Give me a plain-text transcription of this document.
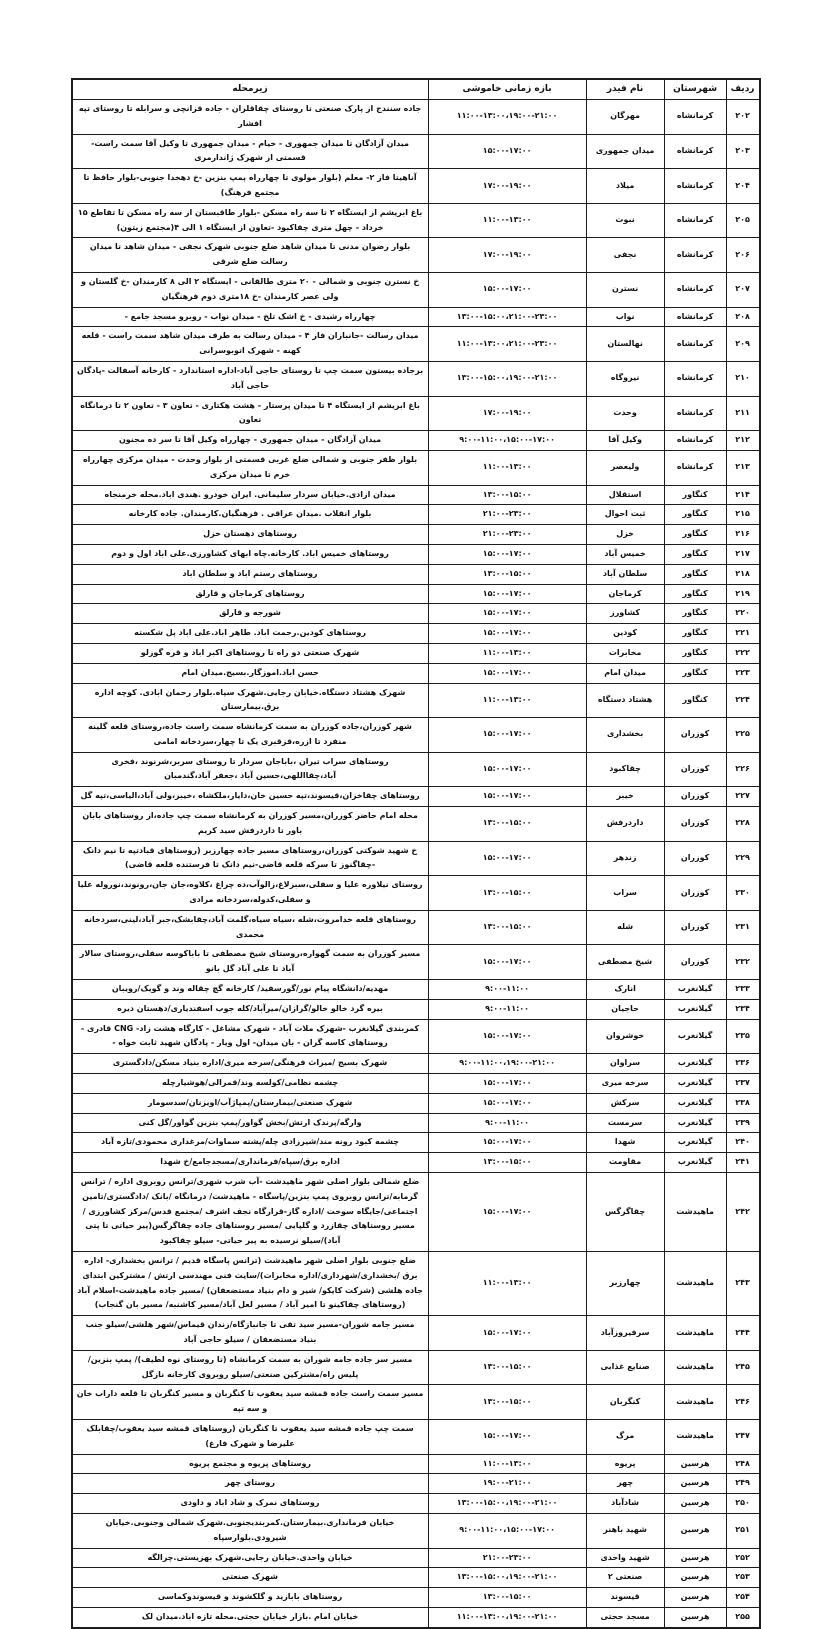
ردیف	شهرستان	نام فیدر	بازه زمانی خاموشی	زیرمحله
۲۰۲	کرمانشاه	مهرگان	۱۱:۰۰-۱۳:۰۰،۱۹:۰۰-۲۱:۰۰	جاده سنندج از پارک صنعتی تا روستای چقاقلران - جاده قزانچی و سرابله تا روستای تپه افشار
۲۰۳	کرمانشاه	میدان جمهوری	۱۵:۰۰-۱۷:۰۰	میدان آزادگان تا میدان جمهوری - خیام - میدان جمهوری تا وکیل آقا سمت راست-قسمتی از شهرک ژاندارمری
۲۰۴	کرمانشاه	میلاد	۱۷:۰۰-۱۹:۰۰	آناهیتا فاز ۲- معلم (بلوار مولوی تا چهارراه پمپ بنزین -خ دهخدا جنوبی-بلوار حافظ تا مجتمع فرهنگ)
۲۰۵	کرمانشاه	نبوت	۱۱:۰۰-۱۳:۰۰	باغ ابریشم از ایستگاه ۲ تا سه راه مسکن -بلوار طاقبستان از سه راه مسکن تا تقاطع ۱۵ خرداد - چهل متری چقاکبود -تعاون از ایستگاه ۱ الی ۴(مجتمع زیتون)
۲۰۶	کرمانشاه	نجفی	۱۷:۰۰-۱۹:۰۰	بلوار رضوان مدنی تا میدان شاهد ضلع جنوبی شهرک نجفی - میدان شاهد تا میدان رسالت ضلع شرقی
۲۰۷	کرمانشاه	نسترن	۱۵:۰۰-۱۷:۰۰	خ نسترن جنوبی و شمالی - ۲۰ متری طالقانی - ایستگاه ۲ الی ۸ کارمندان -خ گلستان و ولی عصر کارمندان -خ ۱۸متری دوم فرهنگیان
۲۰۸	کرمانشاه	نواب	۱۳:۰۰-۱۵:۰۰،۲۱:۰۰-۲۳:۰۰	چهارراه رشیدی - خ اشک تلخ - میدان نواب - روبرو مسجد جامع -
۲۰۹	کرمانشاه	نهالستان	۱۱:۰۰-۱۳:۰۰،۲۱:۰۰-۲۳:۰۰	میدان رسالت -جانبازان فاز ۴ - میدان رسالت به طرف میدان شاهد سمت راست - قلعه کهنه - شهرک اتوبوسرانی
۲۱۰	کرمانشاه	نیروگاه	۱۳:۰۰-۱۵:۰۰،۱۹:۰۰-۲۱:۰۰	برجاده بیستون سمت چپ تا روستای حاجی آباد-اداره استاندارد - کارخانه آسفالت -پادگان حاجی آباد
۲۱۱	کرمانشاه	وحدت	۱۷:۰۰-۱۹:۰۰	باغ ابریشم از ایستگاه ۴ تا میدان پرستار - هشت هکتاری - تعاون ۳ - تعاون ۲ تا درمانگاه تعاون
۲۱۲	کرمانشاه	وکیل آقا	۹:۰۰-۱۱:۰۰،۱۵:۰۰-۱۷:۰۰	میدان آزادگان - میدان جمهوری - چهارراه وکیل آقا تا سر ده مجنون
۲۱۳	کرمانشاه	ولیعصر	۱۱:۰۰-۱۳:۰۰	بلوار ظفر جنوبی و شمالی ضلع غربی قسمتی از بلوار وحدت - میدان مرکزی چهارراه خرم تا میدان مرکزی
۲۱۴	کنگاور	استقلال	۱۳:۰۰-۱۵:۰۰	میدان ازادی.خیابان سردار سلیمانی. ایران خودرو .هندی اباد.محله خرمنجاه
۲۱۵	کنگاور	ثبت احوال	۲۱:۰۰-۲۳:۰۰	بلوار انقلاب .میدان عراقی . فرهنگیان.کارمندان. جاده کارخانه
۲۱۶	کنگاور	خزل	۲۱:۰۰-۲۳:۰۰	روستاهای دهستان خزل
۲۱۷	کنگاور	خمیس آباد	۱۵:۰۰-۱۷:۰۰	روستاهای خمیس اباد. کارخانه.چاه ابهای کشاورزی.علی اباد اول و دوم
۲۱۸	کنگاور	سلطان آباد	۱۳:۰۰-۱۵:۰۰	روستاهای رستم اباد و سلطان اباد
۲۱۹	کنگاور	کرماجان	۱۵:۰۰-۱۷:۰۰	روستاهای کرماجان و قارلق
۲۲۰	کنگاور	کشاورز	۱۵:۰۰-۱۷:۰۰	شورجه و قارلق
۲۲۱	کنگاور	کودین	۱۵:۰۰-۱۷:۰۰	روستاهای کودین.رحمت اباد. طاهر اباد.علی اباد پل شکسته
۲۲۲	کنگاور	مخابرات	۱۱:۰۰-۱۳:۰۰	شهرک صنعتی دو راه تا روستاهای اکبر اباد و قره گوزلو
۲۲۳	کنگاور	میدان امام	۱۵:۰۰-۱۷:۰۰	حسن اباد.اموزگار.بسیج.میدان امام
۲۲۴	کنگاور	هشتاد دستگاه	۱۱:۰۰-۱۳:۰۰	شهرک هشتاد دستگاه.خیابان رجایی.شهرک سپاه.بلوار رحمان ابادی. کوچه اداره برق.بیمارستان
۲۲۵	کوزران	بخشداری	۱۵:۰۰-۱۷:۰۰	شهر کوزران،جاده کوزران به سمت کرمانشاه سمت راست جاده،روستای قلعه گلینه منفرد تا ازره،قزقبری یک تا چهار،سردخانه امامی
۲۲۶	کوزران	چقاکبود	۱۵:۰۰-۱۷:۰۰	روستاهای سراب تیران ،باباجان سردار تا روستای سربر،شرنوند ،فخری آباد،چقااللهی،حسین آباد ،جعفر آباد،گندمبان
۲۲۷	کوزران	خیبر	۱۵:۰۰-۱۷:۰۰	روستاهای چقاخزان،قیسوند،تپه حسین خان،دایار،ملکشاه ،خیبر،ولی آباد،الیاسی،تپه گل
۲۲۸	کوزران	داردرفش	۱۳:۰۰-۱۵:۰۰	محله امام حاضر کوزران،مسیر کوزران به کرمانشاه سمت چپ جاده،از روستاهای بابان باور تا داردرفش سید کریم
۲۲۹	کوزران	زندهر	۱۵:۰۰-۱۷:۰۰	خ شهید شوکتی کوزران،روستاهای مسیر جاده چهارزبر (روستاهای قبادتپه تا نیم دانک -چقاگنوز تا سرکه قلعه قاضی-نیم دانک تا فرستنده قلعه قاضی)
۲۳۰	کوزران	سراب	۱۳:۰۰-۱۵:۰۰	روستای نیلاوره علیا و سفلی،سبزلاغ،زالوآب،ده چراغ ،کلاوه،جان جان،رونوند،نوروله علیا و سفلی،کدوله،سردخانه مرادی
۲۳۱	کوزران	شله	۱۳:۰۰-۱۵:۰۰	روستاهای قلعه خدامروت،شله ،سیاه سیاه،گلمت آباد،چقابشک،جبر آباد،لینی،سردخانه محمدی
۲۳۲	کوزران	شیخ مصطفی	۱۵:۰۰-۱۷:۰۰	مسیر کوزران به سمت گهواره،روستای شیخ مصطفی تا باباکوسه سفلی،روستای سالار آباد تا علی آباد گل بانو
۲۳۳	گیلانغرب	انارک	۹:۰۰-۱۱:۰۰	مهدیه/دانشگاه پیام نور/گورسفید/ کارخانه گچ چقاله وند و گویک/رویبان
۲۳۴	گیلانغرب	حاجیان	۹:۰۰-۱۱:۰۰	بیره گرد خالو خالو/گرازان/میرآباد/کله جوب اسفندیاری/دهستان دیره
۲۳۵	گیلانغرب	خوشروان	۱۵:۰۰-۱۷:۰۰	کمربندی گیلانغرب -شهرک ملات آباد - شهرک مشاغل - کارگاه هشت زاد- CNG قادری - روستاهای کاسه گران - بان میدان- اول ویار - پادگان شهید ثابت خواه -
۲۳۶	گیلانغرب	سراوان	۹:۰۰-۱۱:۰۰،۱۹:۰۰-۲۱:۰۰	شهرک بسیج /میراث فرهنگی/سرخه میری/اداره بنیاد مسکن/دادگستری
۲۳۷	گیلانغرب	سرخه میری	۱۵:۰۰-۱۷:۰۰	چشمه نظامی/کولسه وند/قمرالی/هوشیارچله
۲۳۸	گیلانغرب	سرکش	۱۵:۰۰-۱۷:۰۰	شهرک صنعتی/بیمارستان/پمپاژآب/اویزنان/سدسومار
۲۳۹	گیلانغرب	سرمست	۹:۰۰-۱۱:۰۰	وارگه/پرندک ارتش/بخش گواور/پمپ بنزین گواور/گل کنی
۲۴۰	گیلانغرب	شهدا	۱۵:۰۰-۱۷:۰۰	چشمه کبود رونه مند/شیرزادی چله/پشته سماوات/مرغداری محمودی/تازه آباد
۲۴۱	گیلانغرب	مقاومت	۱۳:۰۰-۱۵:۰۰	اداره برق/سپاه/فرمانداری/مسجدجامع/خ شهدا
۲۴۲	ماهیدشت	چقاگرگس	۱۵:۰۰-۱۷:۰۰	ضلع شمالی بلوار اصلی شهر ماهیدشت -آب شرب شهری/ترانس روبروی اداره / ترانس گرمابه/ترانس روبروی پمپ بنزین/پاسگاه - ماهیدشت/ درمانگاه /بانک /دادگستری/تامین اجتماعی/جایگاه سوخت /اداره گاز-قرارگاه نجف اشرف /مجتمع قدس/مرکز کشاورزی /مسیر روستاهای چقازرد و گلپایی /مسیر روستاهای جاده چقاگرگس(پیر حیاتی تا پتی آباد)/سیلو نرسیده به پیر حیاتی- سیلو چقاکبود
۲۴۳	ماهیدشت	چهارزبر	۱۱:۰۰-۱۳:۰۰	ضلع جنوبی بلوار اصلی شهر ماهیدشت (ترانس پاسگاه قدیم / ترانس بخشداری- اداره برق /بخشداری/شهرداری/اداره مخابرات)/سایت فنی مهندسی ارتش / مشترکین ابتدای جاده هلشی (شرکت کایکو/ شیر و دام بنیاد مستضعفان) /مسیر جاده ماهیدشت-اسلام آباد (روستاهای چقاکینو تا امیر آباد / مسیر لعل آباد/مسیر کاشنبه/ مسیر بان گنجاب)
۲۴۴	ماهیدشت	سرفیروزآباد	۱۵:۰۰-۱۷:۰۰	مسیر جامه شوران-مسیر سید تقی تا جانبازگاه/زندان قیماس/شهر هلشی/سیلو جنب بنیاد مستضعفان / سیلو حاجی آباد
۲۴۵	ماهیدشت	صنایع غذایی	۱۳:۰۰-۱۵:۰۰	مسیر سر جاده جامه شوران به سمت کرمانشاه (تا روستای نوه لطیف)/ پمپ بنزین/ پلیس راه/مشترکین صنعتی/سیلو روبروی کارخانه نازگل
۲۴۶	ماهیدشت	کنگربان	۱۳:۰۰-۱۵:۰۰	مسیر سمت راست جاده قمشه سید یعقوب تا کنگربان و مسیر کنگربان تا قلعه داراب خان و سه تپه
۲۴۷	ماهیدشت	مرگ	۱۵:۰۰-۱۷:۰۰	سمت چپ جاده قمشه سید یعقوب تا کنگربان (روستاهای قمشه سید یعقوب/چقابلک علیرضا و شهرک فارغ)
۲۴۸	هرسین	پریوه	۱۱:۰۰-۱۳:۰۰	روستاهای پریوه و مجتمع پریوه
۲۴۹	هرسین	چهر	۱۹:۰۰-۲۱:۰۰	روستای چهر
۲۵۰	هرسین	شادآباد	۱۳:۰۰-۱۵:۰۰،۱۹:۰۰-۲۱:۰۰	روستاهای نمرک و شاد اباد و داودی
۲۵۱	هرسین	شهید باهنر	۹:۰۰-۱۱:۰۰،۱۵:۰۰-۱۷:۰۰	خیابان فرمانداری.بیمارستان.کمربندیجنوبی.شهرک شمالی وجنوبی.خیابان شیرودی.بلوارسپاه
۲۵۲	هرسین	شهید واحدی	۲۱:۰۰-۲۳:۰۰	خیابان واحدی.خیابان رجایی.شهرک بهزیستی.چرالگه
۲۵۳	هرسین	صنعتی ۲	۱۳:۰۰-۱۵:۰۰،۱۹:۰۰-۲۱:۰۰	شهرک صنعتی
۲۵۴	هرسین	قیسوند	۱۳:۰۰-۱۵:۰۰	روستاهای بابازید و گلکشوند و قیسوندوکماسی
۲۵۵	هرسین	مسجد حجتی	۱۱:۰۰-۱۳:۰۰،۱۹:۰۰-۲۱:۰۰	خیابان امام .بازار خیابان حجتی.محله تازه اباد.میدان لک
